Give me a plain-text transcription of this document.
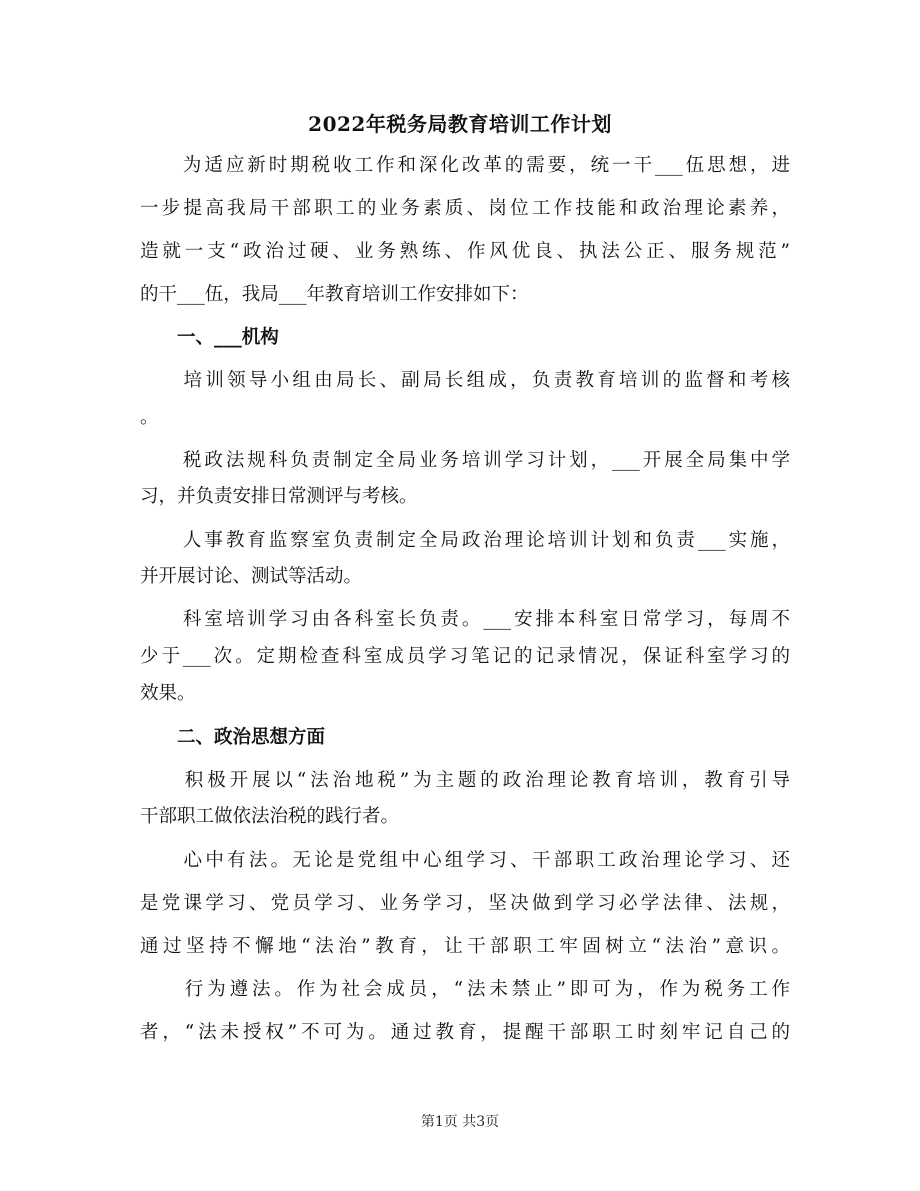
2022年税务局教育培训工作计划
　　为适应新时期税收工作和深化改革的需要，统一干___伍思想，进
一步提高我局干部职工的业务素质、岗位工作技能和政治理论素养，
造就一支“政治过硬、业务熟练、作风优良、执法公正、服务规范”
的干___伍，我局___年教育培训工作安排如下：
　　一、___机构
　　培训领导小组由局长、副局长组成，负责教育培训的监督和考核
。
　　税政法规科负责制定全局业务培训学习计划，___开展全局集中学
习，并负责安排日常测评与考核。
　　人事教育监察室负责制定全局政治理论培训计划和负责___实施，
并开展讨论、测试等活动。
　　科室培训学习由各科室长负责。___安排本科室日常学习，每周不
少于___次。定期检查科室成员学习笔记的记录情况，保证科室学习的
效果。
　　二、政治思想方面
　　积极开展以“法治地税”为主题的政治理论教育培训，教育引导
干部职工做依法治税的践行者。
　　心中有法。无论是党组中心组学习、干部职工政治理论学习、还
是党课学习、党员学习、业务学习，坚决做到学习必学法律、法规，
通过坚持不懈地“法治”教育，让干部职工牢固树立“法治”意识。
　　行为遵法。作为社会成员，“法未禁止”即可为，作为税务工作
者，“法未授权”不可为。通过教育，提醒干部职工时刻牢记自己的
第1页 共3页
